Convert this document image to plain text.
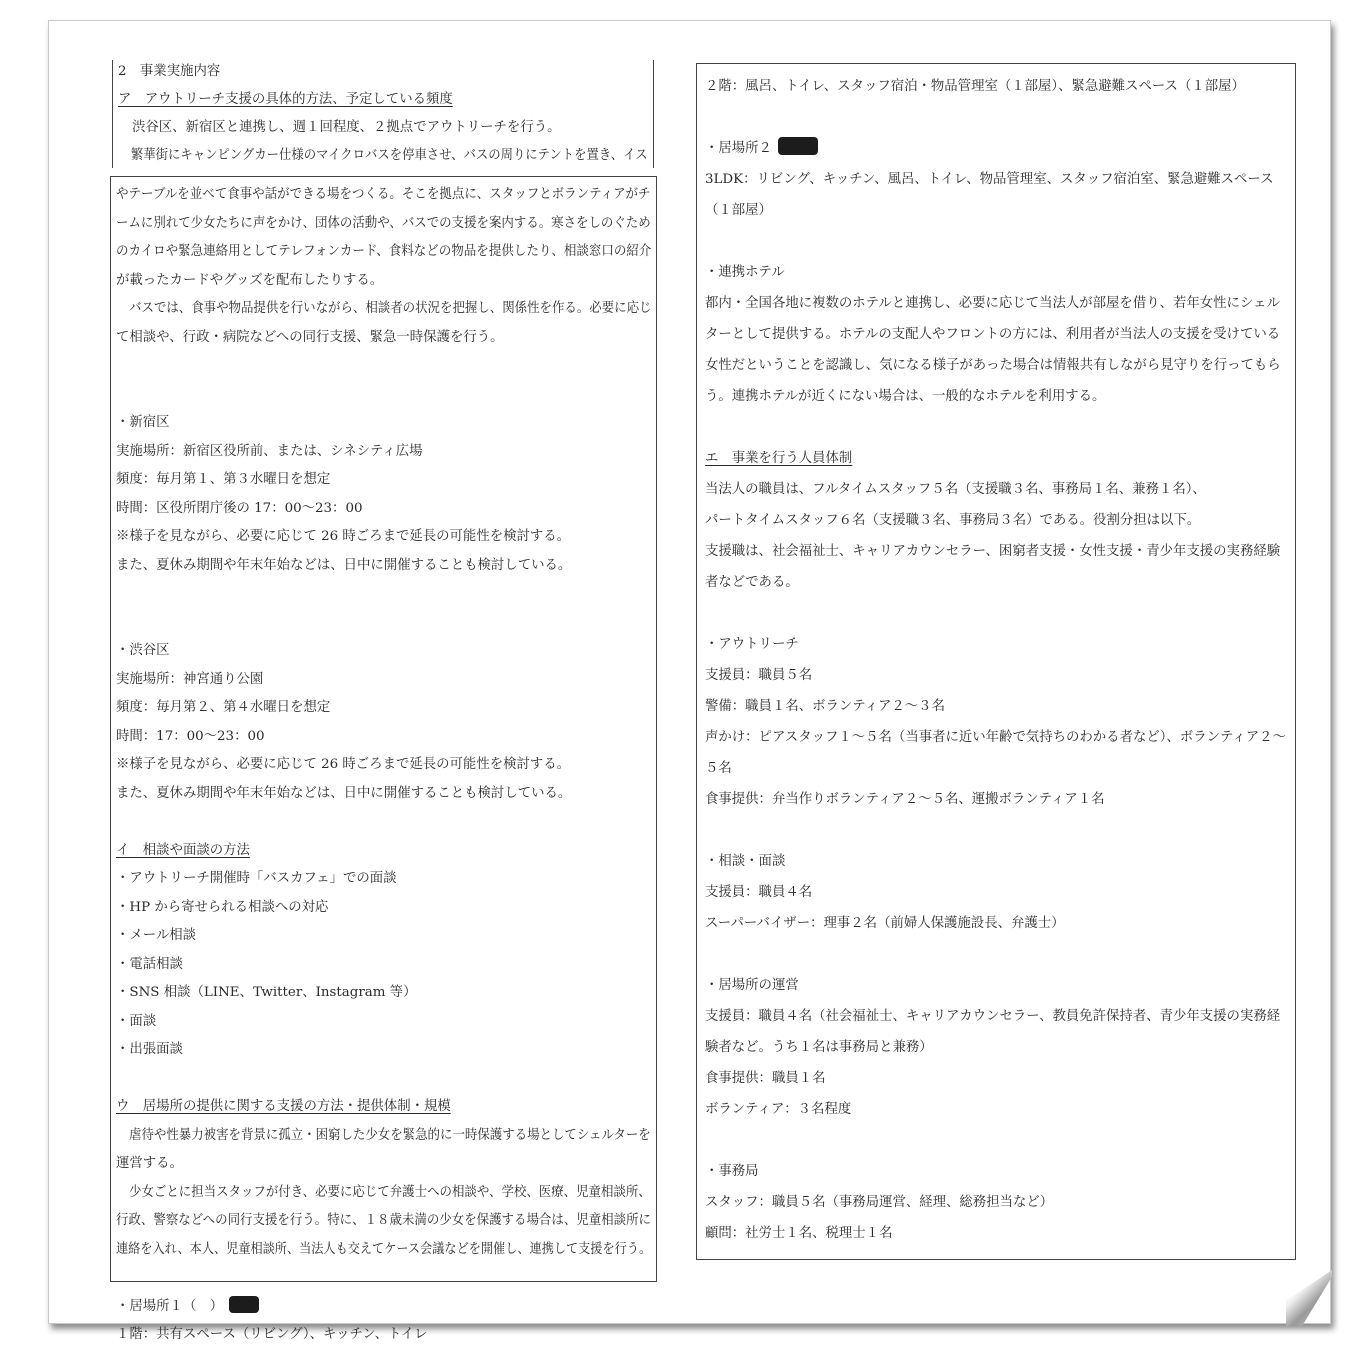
2　事業実施内容
ア　アウトリーチ支援の具体的方法、予定している頻度
渋谷区、新宿区と連携し、週１回程度、２拠点でアウトリーチを行う。
繁華街にキャンピングカー仕様のマイクロバスを停車させ、バスの周りにテントを置き、イス
やテーブルを並べて食事や話ができる場をつくる。そこを拠点に、スタッフとボランティアがチ
ームに別れて少女たちに声をかけ、団体の活動や、バスでの支援を案内する。寒さをしのぐため
のカイロや緊急連絡用としてテレフォンカード、食料などの物品を提供したり、相談窓口の紹介
が載ったカードやグッズを配布したりする。
バスでは、食事や物品提供を行いながら、相談者の状況を把握し、関係性を作る。必要に応じ
て相談や、行政・病院などへの同行支援、緊急一時保護を行う。
・新宿区
実施場所：新宿区役所前、または、シネシティ広場
頻度：毎月第１、第３水曜日を想定
時間：区役所閉庁後の 17：00〜23：00
※様子を見ながら、必要に応じて 26 時ごろまで延長の可能性を検討する。
また、夏休み期間や年末年始などは、日中に開催することも検討している。
・渋谷区
実施場所：神宮通り公園
頻度：毎月第２、第４水曜日を想定
時間：17：00〜23：00
※様子を見ながら、必要に応じて 26 時ごろまで延長の可能性を検討する。
また、夏休み期間や年末年始などは、日中に開催することも検討している。
イ　相談や面談の方法
・アウトリーチ開催時「バスカフェ」での面談
・HP から寄せられる相談への対応
・メール相談
・電話相談
・SNS 相談（LINE、Twitter、Instagram 等）
・面談
・出張面談
ウ　居場所の提供に関する支援の方法・提供体制・規模
虐待や性暴力被害を背景に孤立・困窮した少女を緊急的に一時保護する場としてシェルターを
運営する。
少女ごとに担当スタッフが付き、必要に応じて弁護士への相談や、学校、医療、児童相談所、
行政、警察などへの同行支援を行う。特に、１８歳未満の少女を保護する場合は、児童相談所に
連絡を入れ、本人、児童相談所、当法人も交えてケース会議などを開催し、連携して支援を行う。
・居場所１（　）
１階：共有スペース（リビング）、キッチン、トイレ
２階：風呂、トイレ、スタッフ宿泊・物品管理室（１部屋）、緊急避難スペース（１部屋）
・居場所２
3LDK：リビング、キッチン、風呂、トイレ、物品管理室、スタッフ宿泊室、緊急避難スペース
（１部屋）
・連携ホテル
都内・全国各地に複数のホテルと連携し、必要に応じて当法人が部屋を借り、若年女性にシェル
ターとして提供する。ホテルの支配人やフロントの方には、利用者が当法人の支援を受けている
女性だということを認識し、気になる様子があった場合は情報共有しながら見守りを行ってもら
う。連携ホテルが近くにない場合は、一般的なホテルを利用する。
エ　事業を行う人員体制
当法人の職員は、フルタイムスタッフ５名（支援職３名、事務局１名、兼務１名）、
パートタイムスタッフ６名（支援職３名、事務局３名）である。役割分担は以下。
支援職は、社会福祉士、キャリアカウンセラー、困窮者支援・女性支援・青少年支援の実務経験
者などである。
・アウトリーチ
支援員：職員５名
警備：職員１名、ボランティア２〜３名
声かけ：ピアスタッフ１〜５名（当事者に近い年齢で気持ちのわかる者など）、ボランティア２〜
５名
食事提供：弁当作りボランティア２〜５名、運搬ボランティア１名
・相談・面談
支援員：職員４名
スーパーバイザー：理事２名（前婦人保護施設長、弁護士）
・居場所の運営
支援員：職員４名（社会福祉士、キャリアカウンセラー、教員免許保持者、青少年支援の実務経
験者など。うち１名は事務局と兼務）
食事提供：職員１名
ボランティア：３名程度
・事務局
スタッフ：職員５名（事務局運営、経理、総務担当など）
顧問：社労士１名、税理士１名
